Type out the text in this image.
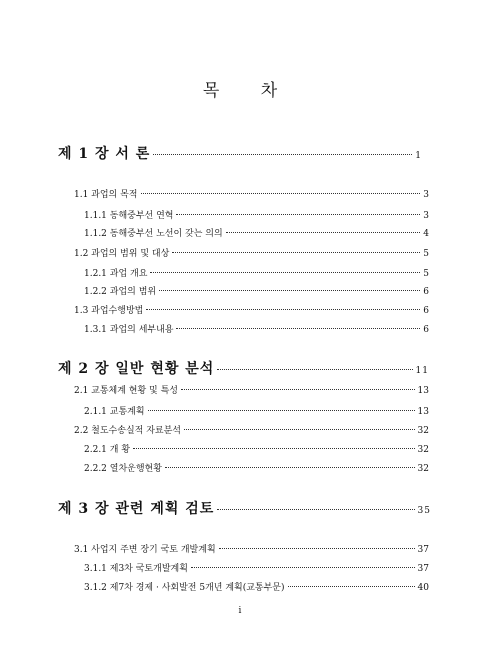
목 차
제 1 장 서 론	1
1.1 과업의 목적	3
1.1.1 동해중부선 연혁	3
1.1.2 동해중부선 노선이 갖는 의의	4
1.2 과업의 범위 및 대상	5
1.2.1 과업 개요	5
1.2.2 과업의 범위	6
1.3 과업수행방법	6
1.3.1 과업의 세부내용	6
제 2 장 일반 현황 분석	11
2.1 교통체계 현황 및 특성	13
2.1.1 교통계획	13
2.2 철도수송실적 자료분석	32
2.2.1 개 황	32
2.2.2 열차운행현황	32
제 3 장 관련 계획 검토	35
3.1 사업지 주변 장기 국토 개발계획	37
3.1.1 제3차 국토개발계획	37
3.1.2 제7차 경제 · 사회발전 5개년 계획(교통부문)	40
i
